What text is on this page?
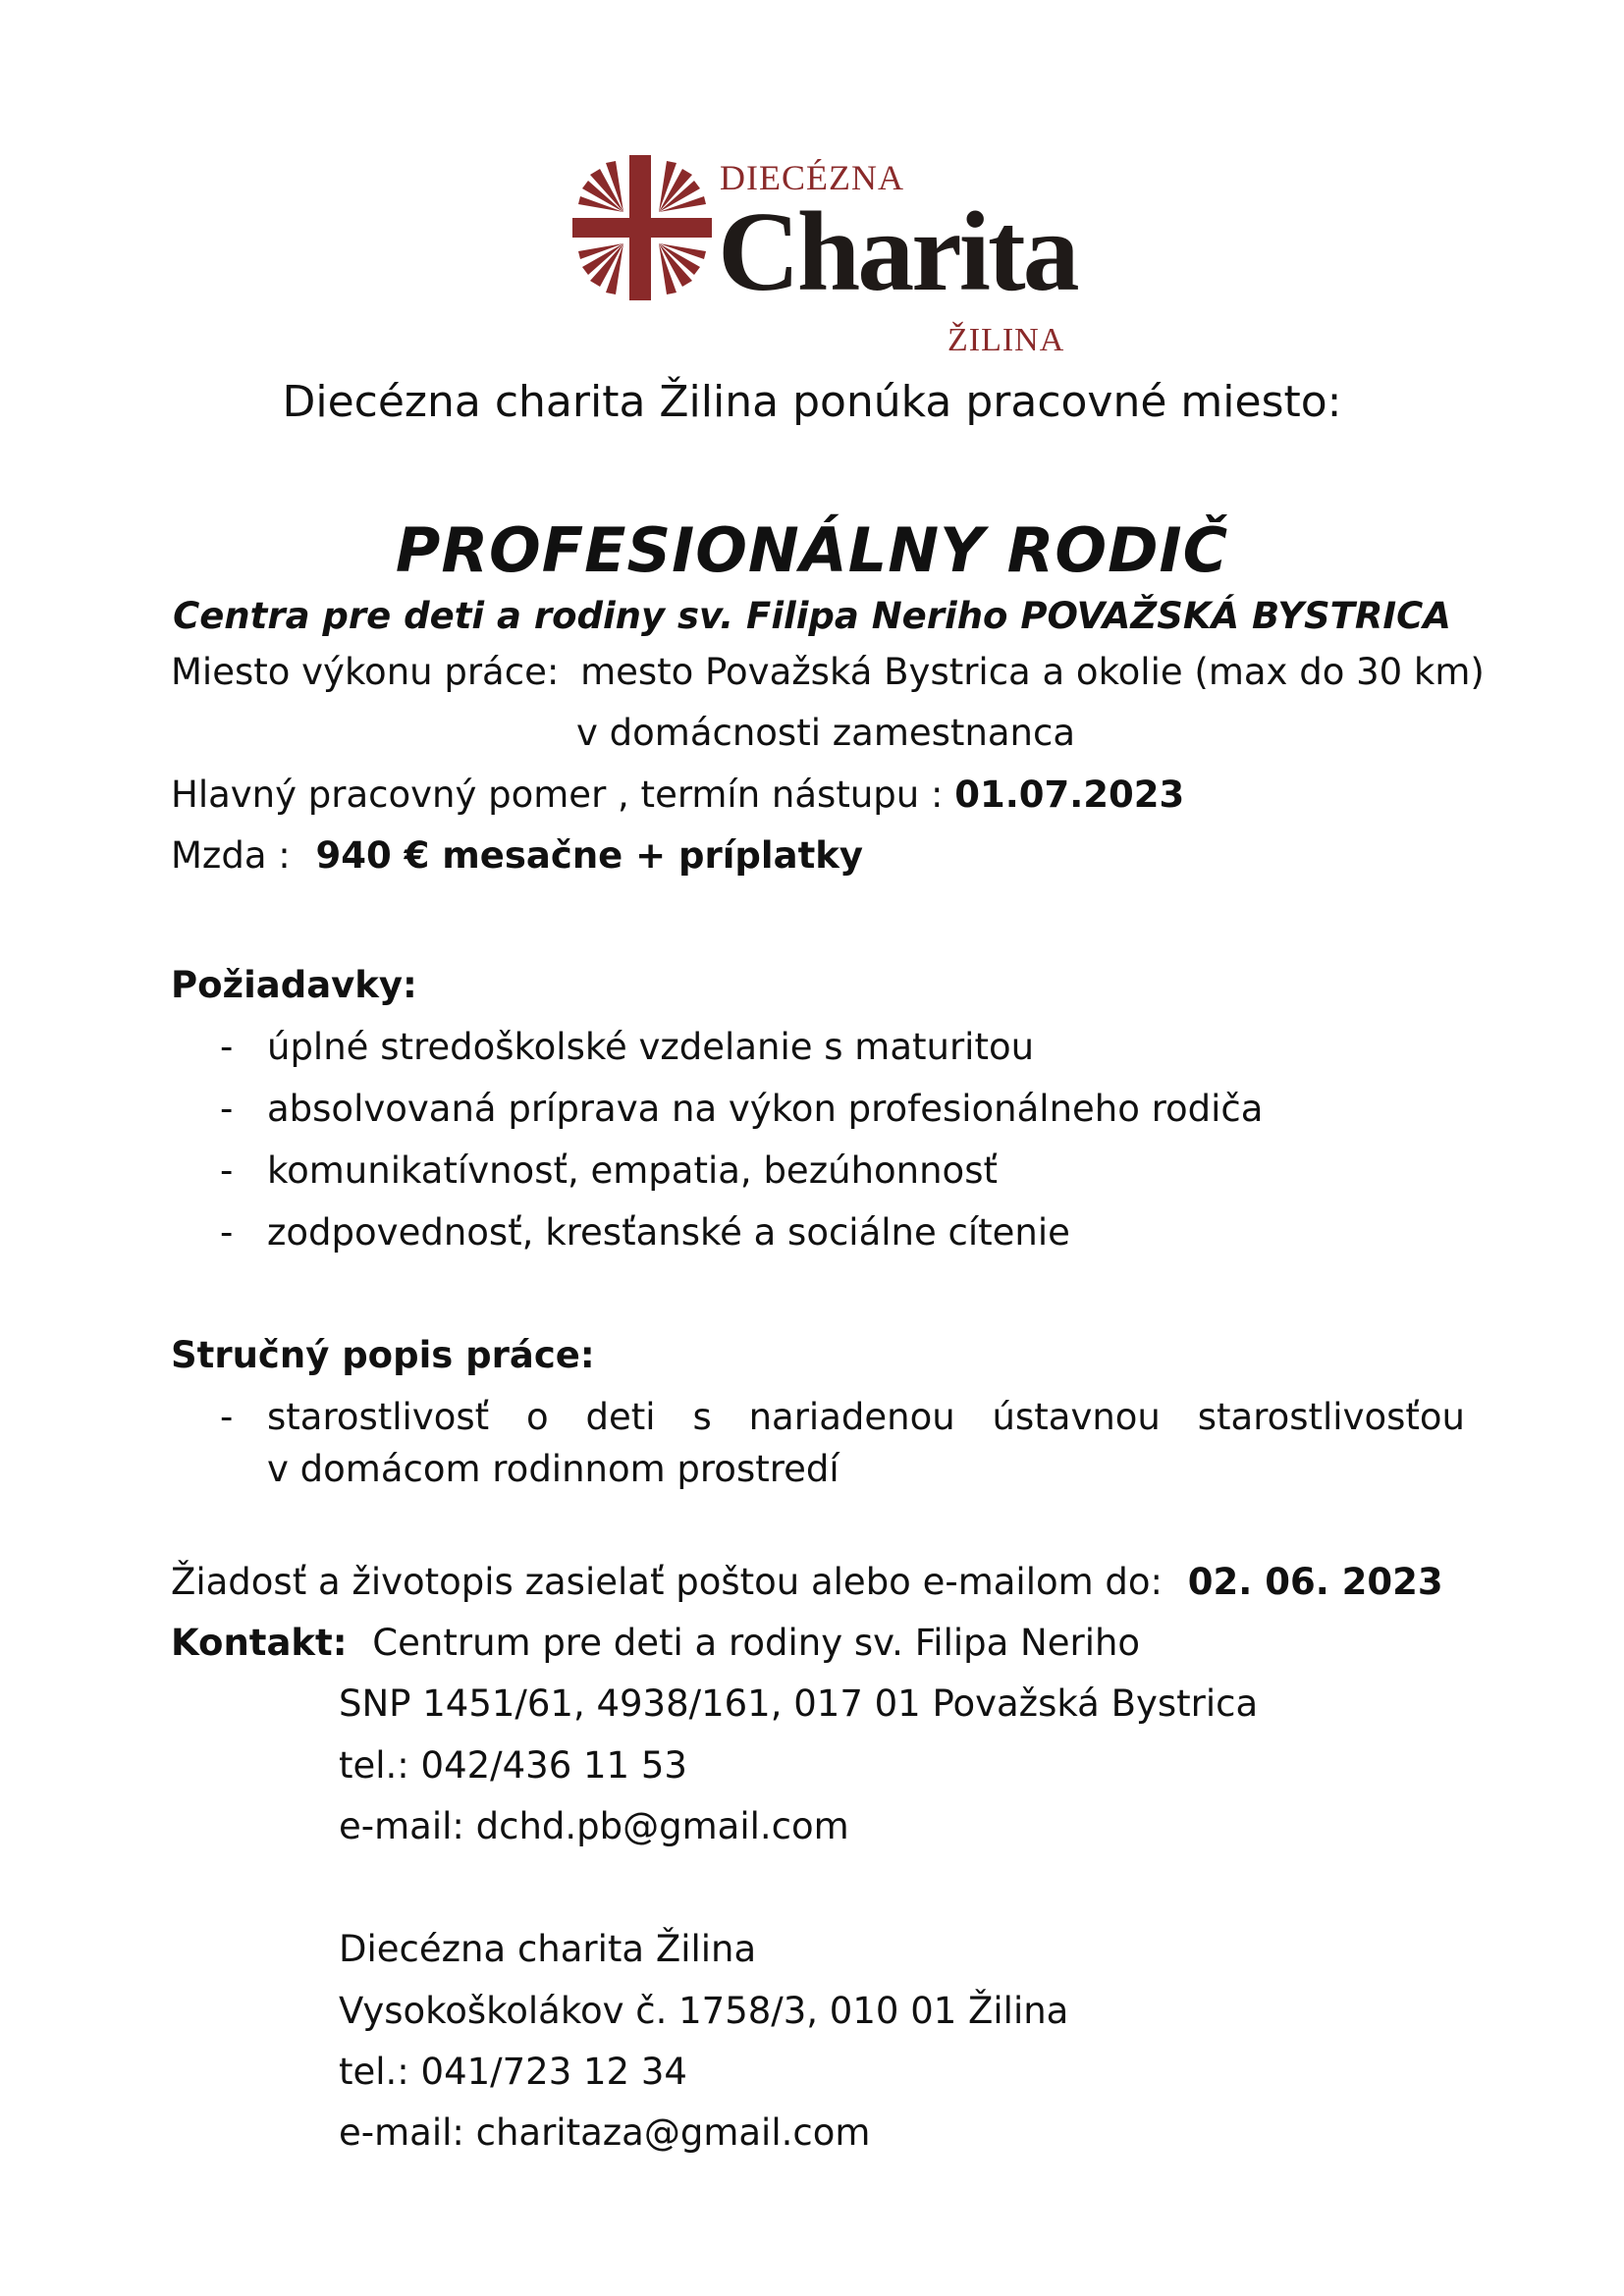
DIECÉZNA
Charita
ŽILINA
Diecézna charita Žilina ponúka pracovné miesto:
PROFESIONÁLNY RODIČ
Centra pre deti a rodiny sv. Filipa Neriho POVAŽSKÁ BYSTRICA
Miesto výkonu práce: mesto Považská Bystrica a okolie (max do 30 km)
v domácnosti zamestnanca
Hlavný pracovný pomer , termín nástupu : 01.07.2023
Mzda : 940 € mesačne + príplatky
Požiadavky:
- úplné stredoškolské vzdelanie s maturitou
- absolvovaná príprava na výkon profesionálneho rodiča
- komunikatívnosť, empatia, bezúhonnosť
- zodpovednosť, kresťanské a sociálne cítenie
Stručný popis práce:
- starostlivosť o deti s nariadenou ústavnou starostlivosťou
v domácom rodinnom prostredí
Žiadosť a životopis zasielať poštou alebo e-mailom do: 02. 06. 2023
Kontakt: Centrum pre deti a rodiny sv. Filipa Neriho
SNP 1451/61, 4938/161, 017 01 Považská Bystrica
tel.: 042/436 11 53
e-mail: dchd.pb@gmail.com
Diecézna charita Žilina
Vysokoškolákov č. 1758/3, 010 01 Žilina
tel.: 041/723 12 34
e-mail: charitaza@gmail.com
